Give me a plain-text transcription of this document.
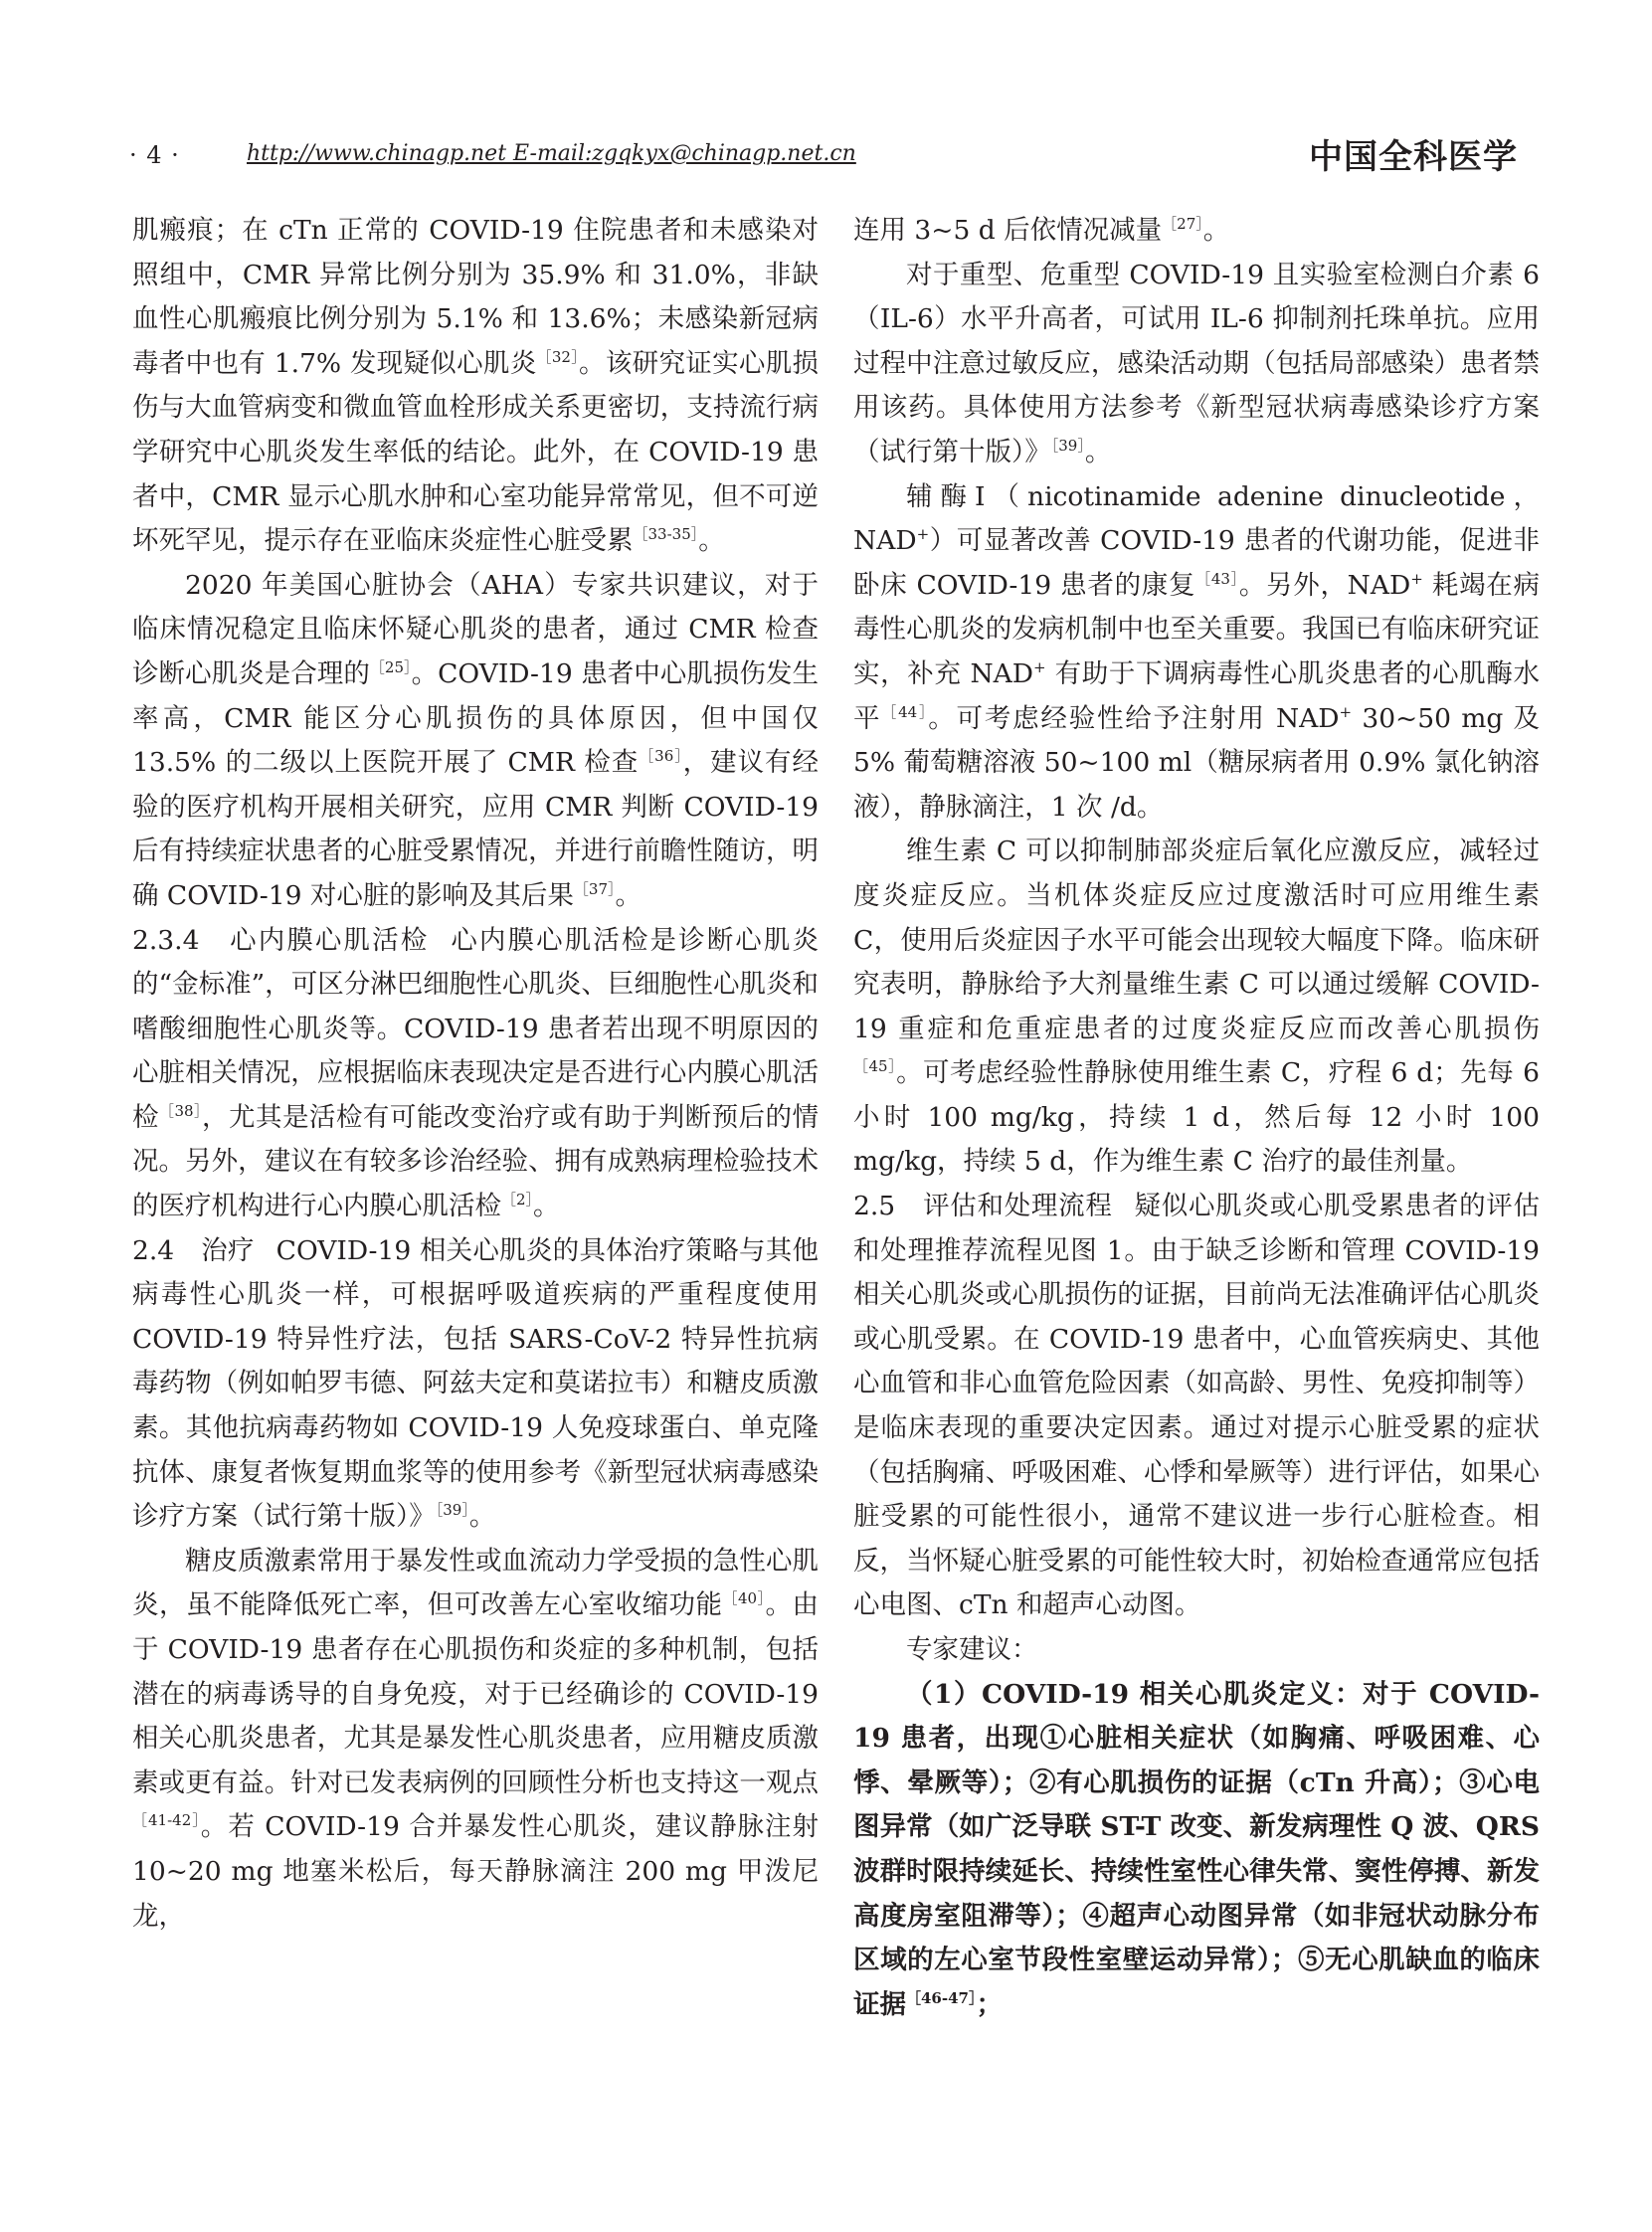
· 4 ·	http://www.chinagp.net E-mail:zgqkyx@chinagp.net.cn	中国全科医学

肌瘢痕；在 cTn 正常的 COVID-19 住院患者和未感染对照组中，CMR 异常比例分别为 35.9% 和 31.0%，非缺血性心肌瘢痕比例分别为 5.1% 和 13.6%；未感染新冠病毒者中也有 1.7% 发现疑似心肌炎$^{[32]}$。该研究证实心肌损伤与大血管病变和微血管血栓形成关系更密切，支持流行病学研究中心肌炎发生率低的结论。此外，在 COVID-19 患者中，CMR 显示心肌水肿和心室功能异常常见，但不可逆坏死罕见，提示存在亚临床炎症性心脏受累$^{[33-35]}$。

2020 年美国心脏协会（AHA）专家共识建议，对于临床情况稳定且临床怀疑心肌炎的患者，通过 CMR 检查诊断心肌炎是合理的$^{[25]}$。COVID-19 患者中心肌损伤发生率高，CMR 能区分心肌损伤的具体原因，但中国仅 13.5% 的二级以上医院开展了 CMR 检查$^{[36]}$，建议有经验的医疗机构开展相关研究，应用 CMR 判断 COVID-19 后有持续症状患者的心脏受累情况，并进行前瞻性随访，明确 COVID-19 对心脏的影响及其后果$^{[37]}$。

2.3.4　心内膜心肌活检 心内膜心肌活检是诊断心肌炎的“金标准”，可区分淋巴细胞性心肌炎、巨细胞性心肌炎和嗜酸细胞性心肌炎等。COVID-19 患者若出现不明原因的心脏相关情况，应根据临床表现决定是否进行心内膜心肌活检$^{[38]}$，尤其是活检有可能改变治疗或有助于判断预后的情况。另外，建议在有较多诊治经验、拥有成熟病理检验技术的医疗机构进行心内膜心肌活检$^{[2]}$。

2.4　治疗 COVID-19 相关心肌炎的具体治疗策略与其他病毒性心肌炎一样，可根据呼吸道疾病的严重程度使用 COVID-19 特异性疗法，包括 SARS-CoV-2 特异性抗病毒药物（例如帕罗韦德、阿兹夫定和莫诺拉韦）和糖皮质激素。其他抗病毒药物如 COVID-19 人免疫球蛋白、单克隆抗体、康复者恢复期血浆等的使用参考《新型冠状病毒感染诊疗方案（试行第十版）》$^{[39]}$。

糖皮质激素常用于暴发性或血流动力学受损的急性心肌炎，虽不能降低死亡率，但可改善左心室收缩功能$^{[40]}$。由于 COVID-19 患者存在心肌损伤和炎症的多种机制，包括潜在的病毒诱导的自身免疫，对于已经确诊的 COVID-19 相关心肌炎患者，尤其是暴发性心肌炎患者，应用糖皮质激素或更有益。针对已发表病例的回顾性分析也支持这一观点$^{[41-42]}$。若 COVID-19 合并暴发性心肌炎，建议静脉注射 10~20 mg 地塞米松后，每天静脉滴注 200 mg 甲泼尼龙，

连用 3~5 d 后依情况减量$^{[27]}$。

对于重型、危重型 COVID-19 且实验室检测白介素 6（IL-6）水平升高者，可试用 IL-6 抑制剂托珠单抗。应用过程中注意过敏反应，感染活动期（包括局部感染）患者禁用该药。具体使用方法参考《新型冠状病毒感染诊疗方案（试行第十版）》$^{[39]}$。

辅酶Ⅰ（nicotinamide adenine dinucleotide，NAD+）可显著改善 COVID-19 患者的代谢功能，促进非卧床 COVID-19 患者的康复$^{[43]}$。另外，NAD+ 耗竭在病毒性心肌炎的发病机制中也至关重要。我国已有临床研究证实，补充 NAD+ 有助于下调病毒性心肌炎患者的心肌酶水平$^{[44]}$。可考虑经验性给予注射用 NAD+ 30~50 mg 及 5% 葡萄糖溶液 50~100 ml（糖尿病者用 0.9% 氯化钠溶液），静脉滴注，1 次 /d。

维生素 C 可以抑制肺部炎症后氧化应激反应，减轻过度炎症反应。当机体炎症反应过度激活时可应用维生素 C，使用后炎症因子水平可能会出现较大幅度下降。临床研究表明，静脉给予大剂量维生素 C 可以通过缓解 COVID-19 重症和危重症患者的过度炎症反应而改善心肌损伤$^{[45]}$。可考虑经验性静脉使用维生素 C，疗程 6 d；先每 6 小时 100 mg/kg，持续 1 d，然后每 12 小时 100 mg/kg，持续 5 d，作为维生素 C 治疗的最佳剂量。

2.5　评估和处理流程 疑似心肌炎或心肌受累患者的评估和处理推荐流程见图 1。由于缺乏诊断和管理 COVID-19 相关心肌炎或心肌损伤的证据，目前尚无法准确评估心肌炎或心肌受累。在 COVID-19 患者中，心血管疾病史、其他心血管和非心血管危险因素（如高龄、男性、免疫抑制等）是临床表现的重要决定因素。通过对提示心脏受累的症状（包括胸痛、呼吸困难、心悸和晕厥等）进行评估，如果心脏受累的可能性很小，通常不建议进一步行心脏检查。相反，当怀疑心脏受累的可能性较大时，初始检查通常应包括心电图、cTn 和超声心动图。

专家建议：

（1）COVID-19 相关心肌炎定义：对于 COVID-19 患者，出现①心脏相关症状（如胸痛、呼吸困难、心悸、晕厥等）；②有心肌损伤的证据（cTn 升高）；③心电图异常（如广泛导联 ST-T 改变、新发病理性 Q 波、QRS 波群时限持续延长、持续性室性心律失常、窦性停搏、新发高度房室阻滞等）；④超声心动图异常（如非冠状动脉分布区域的左心室节段性室壁运动异常）；⑤无心肌缺血的临床证据$^{[46-47]}$；
